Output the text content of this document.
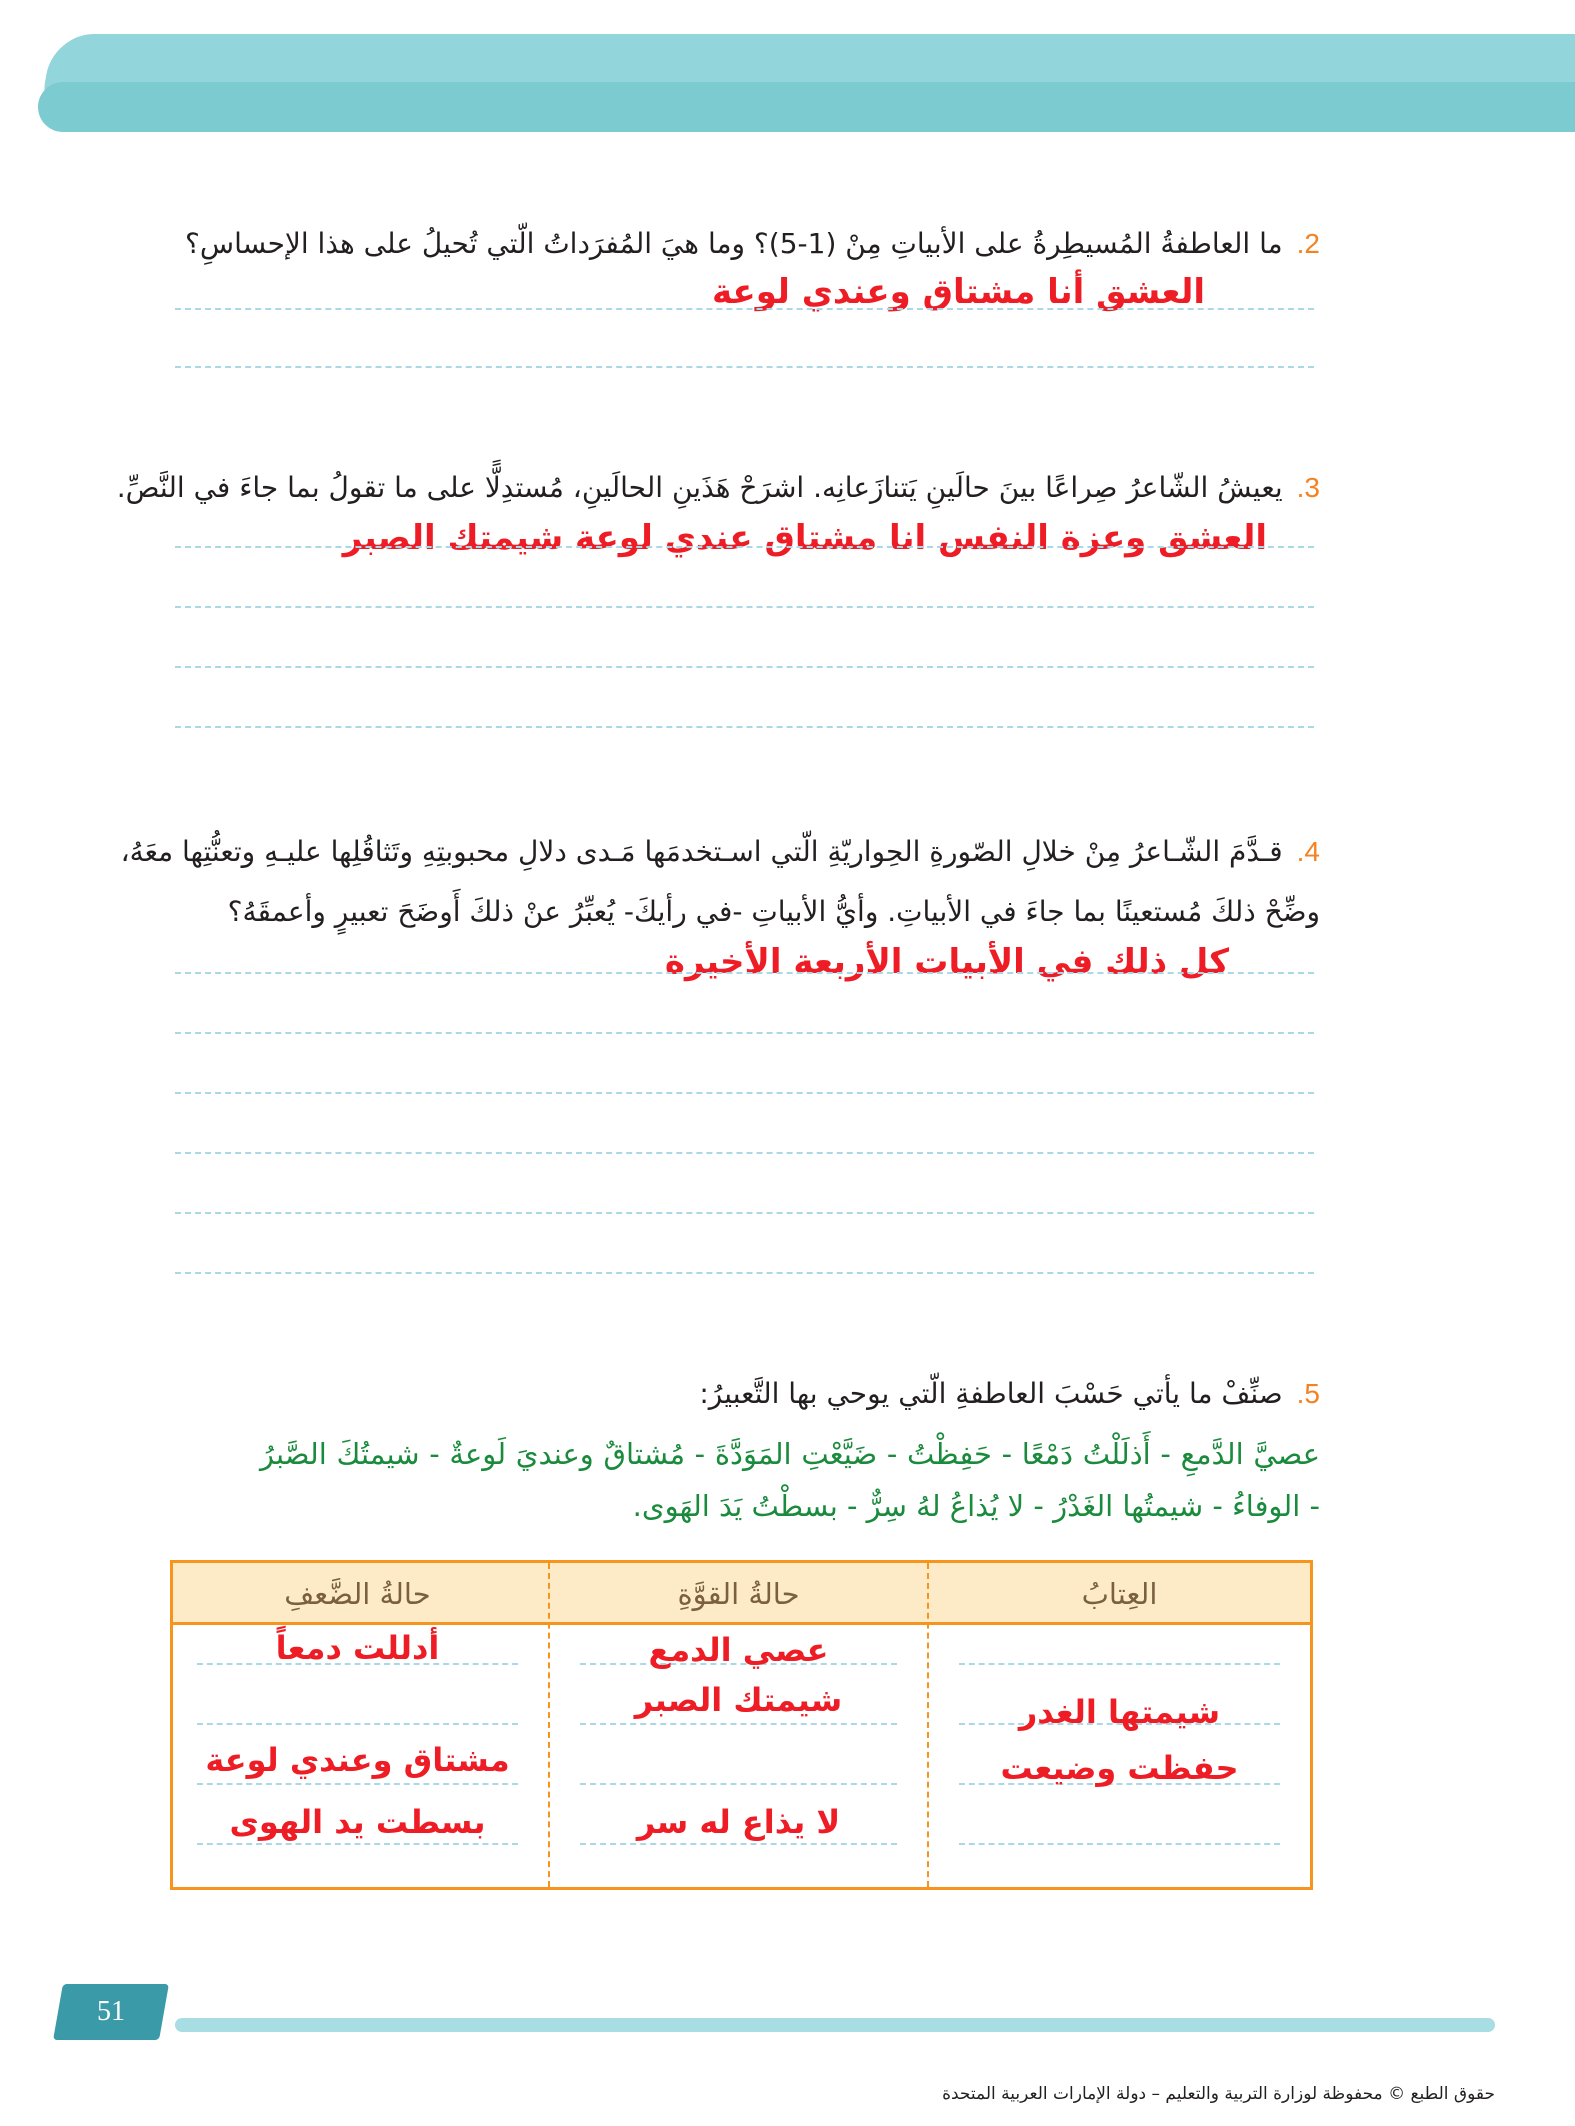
2.ما العاطفةُ المُسيطِرةُ على الأبياتِ مِنْ (1-5)؟ وما هيَ المُفرَداتُ الّتي تُحيلُ على هذا الإحساسِ؟
العشق أنا مشتاق وعندي لوعة
3.يعيشُ الشّاعرُ صِراعًا بينَ حالَينِ يَتنازَعانِه. اشرَحْ هَذَينِ الحالَينِ، مُستدِلًّا على ما تقولُ بما جاءَ في النَّصِّ.
العشق وعزة النفس انا مشتاق عندي لوعة شيمتك الصبر
4.قـدَّمَ الشّـاعرُ مِنْ خلالِ الصّورةِ الحِواريّةِ الّتي اسـتخدمَها مَـدى دلالِ محبوبتِهِ وتَثاقُلِها عليـهِ وتعنُّتِها معَهُ،
وضِّحْ ذلكَ مُستعينًا بما جاءَ في الأبياتِ. وأيُّ الأبياتِ -في رأيكَ- يُعبِّرُ عنْ ذلكَ أَوضَحَ تعبيرٍ وأعمقَهُ؟
كل ذلك في الأبيات الأربعة الأخيرة
5.صنِّفْ ما يأتي حَسْبَ العاطفةِ الّتي يوحي بها التَّعبيرُ:
عصيَّ الدَّمعِ - أَذلَلْتُ دَمْعًا - حَفِظْتُ - ضَيَّعْتِ المَوَدَّةَ - مُشتاقٌ وعنديَ لَوعةٌ - شيمتُكَ الصَّبرُ - الوفاءُ - شيمتُها الغَدْرُ - لا يُذاعُ لهُ سِرٌّ - بسطْتُ يَدَ الهَوى.
العِتابُ
شيمتها الغدر
حفظت وضيعت
حالةُ القوَّةِ
عصي الدمع
شيمتك الصبر
لا يذاع له سر
حالةُ الضَّعفِ
أدللت دمعاً
مشتاق وعندي لوعة
بسطت يد الهوى
51
حقوق الطبع © محفوظة لوزارة التربية والتعليم – دولة الإمارات العربية المتحدة
